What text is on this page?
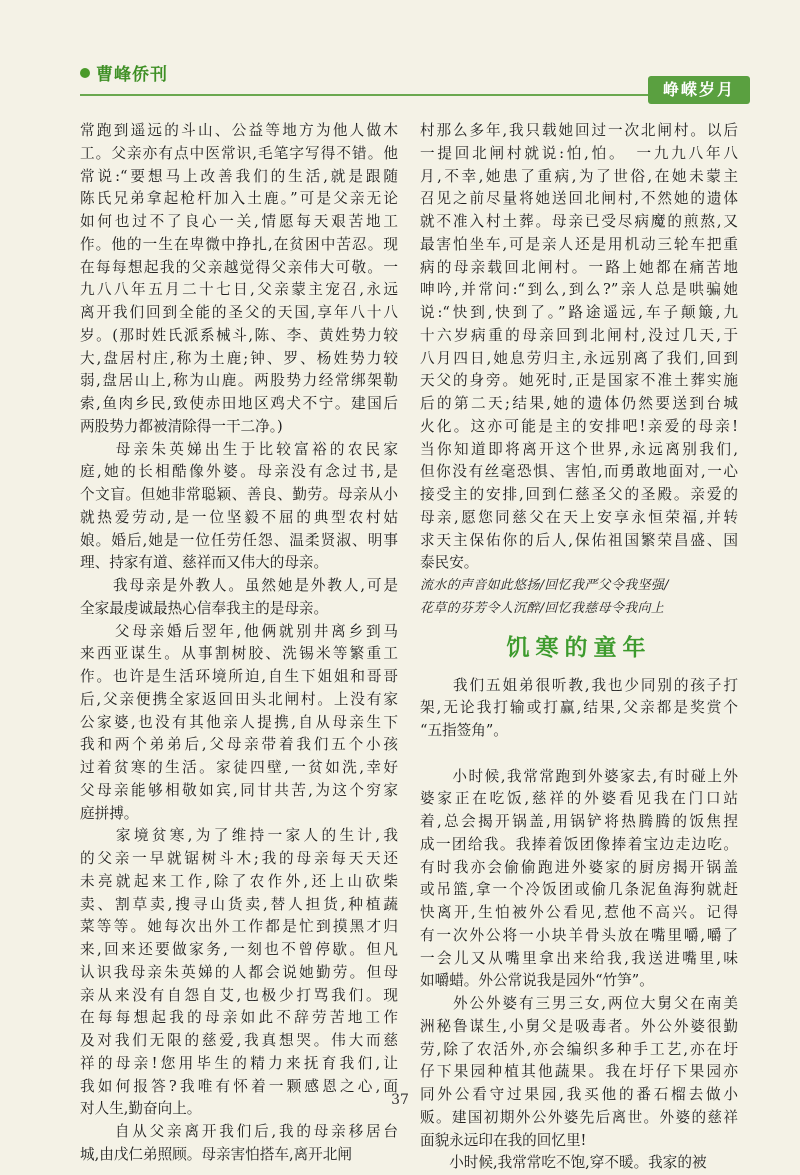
曹峰侨刊
峥嵘岁月
常跑到遥远的斗山、公益等地方为他人做木
工。父亲亦有点中医常识,毛笔字写得不错。他
常说:“要想马上改善我们的生活,就是跟随
陈氏兄弟拿起枪杆加入土鹿。”可是父亲无论
如何也过不了良心一关,情愿每天艰苦地工
作。他的一生在卑微中挣扎,在贫困中苦忍。现
在每每想起我的父亲越觉得父亲伟大可敬。一
九八八年五月二十七日,父亲蒙主宠召,永远
离开我们回到全能的圣父的天国,享年八十八
岁。(那时姓氏派系械斗,陈、李、黄姓势力较
大,盘居村庄,称为土鹿;钟、罗、杨姓势力较
弱,盘居山上,称为山鹿。两股势力经常绑架勒
索,鱼肉乡民,致使赤田地区鸡犬不宁。建国后
两股势力都被清除得一干二净。)
　　母亲朱英娣出生于比较富裕的农民家
庭,她的长相酷像外婆。母亲没有念过书,是
个文盲。但她非常聪颖、善良、勤劳。母亲从小
就热爱劳动,是一位坚毅不屈的典型农村姑
娘。婚后,她是一位任劳任怨、温柔贤淑、明事
理、持家有道、慈祥而又伟大的母亲。
　　我母亲是外教人。虽然她是外教人,可是
全家最虔诚最热心信奉我主的是母亲。
　　父母亲婚后翌年,他俩就别井离乡到马
来西亚谋生。从事割树胶、洗锡米等繁重工
作。也许是生活环境所迫,自生下姐姐和哥哥
后,父亲便携全家返回田头北闸村。上没有家
公家婆,也没有其他亲人提携,自从母亲生下
我和两个弟弟后,父母亲带着我们五个小孩
过着贫寒的生活。家徒四壁,一贫如洗,幸好
父母亲能够相敬如宾,同甘共苦,为这个穷家
庭拼搏。
　　家境贫寒,为了维持一家人的生计,我
的父亲一早就锯树斗木;我的母亲每天天还
未亮就起来工作,除了农作外,还上山砍柴
卖、割草卖,搜寻山货卖,替人担货,种植蔬
菜等等。她每次出外工作都是忙到摸黑才归
来,回来还要做家务,一刻也不曾停歇。但凡
认识我母亲朱英娣的人都会说她勤劳。但母
亲从来没有自怨自艾,也极少打骂我们。现
在每每想起我的母亲如此不辞劳苦地工作
及对我们无限的慈爱,我真想哭。伟大而慈
祥的母亲!您用毕生的精力来抚育我们,让
我如何报答?我唯有怀着一颗感恩之心,面
对人生,勤奋向上。
　　自从父亲离开我们后,我的母亲移居台
城,由戊仁弟照顾。母亲害怕搭车,离开北闸
村那么多年,我只载她回过一次北闸村。以后
一提回北闸村就说:怕,怕。　一九九八年八
月,不幸,她患了重病,为了世俗,在她未蒙主
召见之前尽量将她送回北闸村,不然她的遗体
就不准入村土葬。母亲已受尽病魔的煎熬,又
最害怕坐车,可是亲人还是用机动三轮车把重
病的母亲载回北闸村。一路上她都在痛苦地
呻吟,并常问:“到么,到么?”亲人总是哄骗她
说:“快到,快到了。”路途遥远,车子颠簸,九
十六岁病重的母亲回到北闸村,没过几天,于
八月四日,她息劳归主,永远别离了我们,回到
天父的身旁。她死时,正是国家不准土葬实施
后的第二天;结果,她的遗体仍然要送到台城
火化。这亦可能是主的安排吧!亲爱的母亲!
当你知道即将离开这个世界,永远离别我们,
但你没有丝毫恐惧、害怕,而勇敢地面对,一心
接受主的安排,回到仁慈圣父的圣殿。亲爱的
母亲,愿您同慈父在天上安享永恒荣福,并转
求天主保佑你的后人,保佑祖国繁荣昌盛、国
泰民安。
流水的声音如此悠扬/回忆我严父令我坚强/
花草的芬芳令人沉醉/回忆我慈母令我向上
饥寒的童年
　　我们五姐弟很听教,我也少同别的孩子打
架,无论我打输或打赢,结果,父亲都是奖赏个
“五指签角”。
　　小时候,我常常跑到外婆家去,有时碰上外
婆家正在吃饭,慈祥的外婆看见我在门口站
着,总会揭开锅盖,用锅铲将热腾腾的饭焦捏
成一团给我。我捧着饭团像捧着宝边走边吃。
有时我亦会偷偷跑进外婆家的厨房揭开锅盖
或吊篮,拿一个冷饭团或偷几条泥鱼海狗就赶
快离开,生怕被外公看见,惹他不高兴。记得
有一次外公将一小块羊骨头放在嘴里嚼,嚼了
一会儿又从嘴里拿出来给我,我送进嘴里,味
如嚼蜡。外公常说我是园外“竹笋”。
　　外公外婆有三男三女,两位大舅父在南美
洲秘鲁谋生,小舅父是吸毒者。外公外婆很勤
劳,除了农活外,亦会编织多种手工艺,亦在圩
仔下果园种植其他蔬果。我在圩仔下果园亦
同外公看守过果园,我买他的番石榴去做小
贩。建国初期外公外婆先后离世。外婆的慈祥
面貌永远印在我的回忆里!
　　小时候,我常常吃不饱,穿不暖。我家的被
37
